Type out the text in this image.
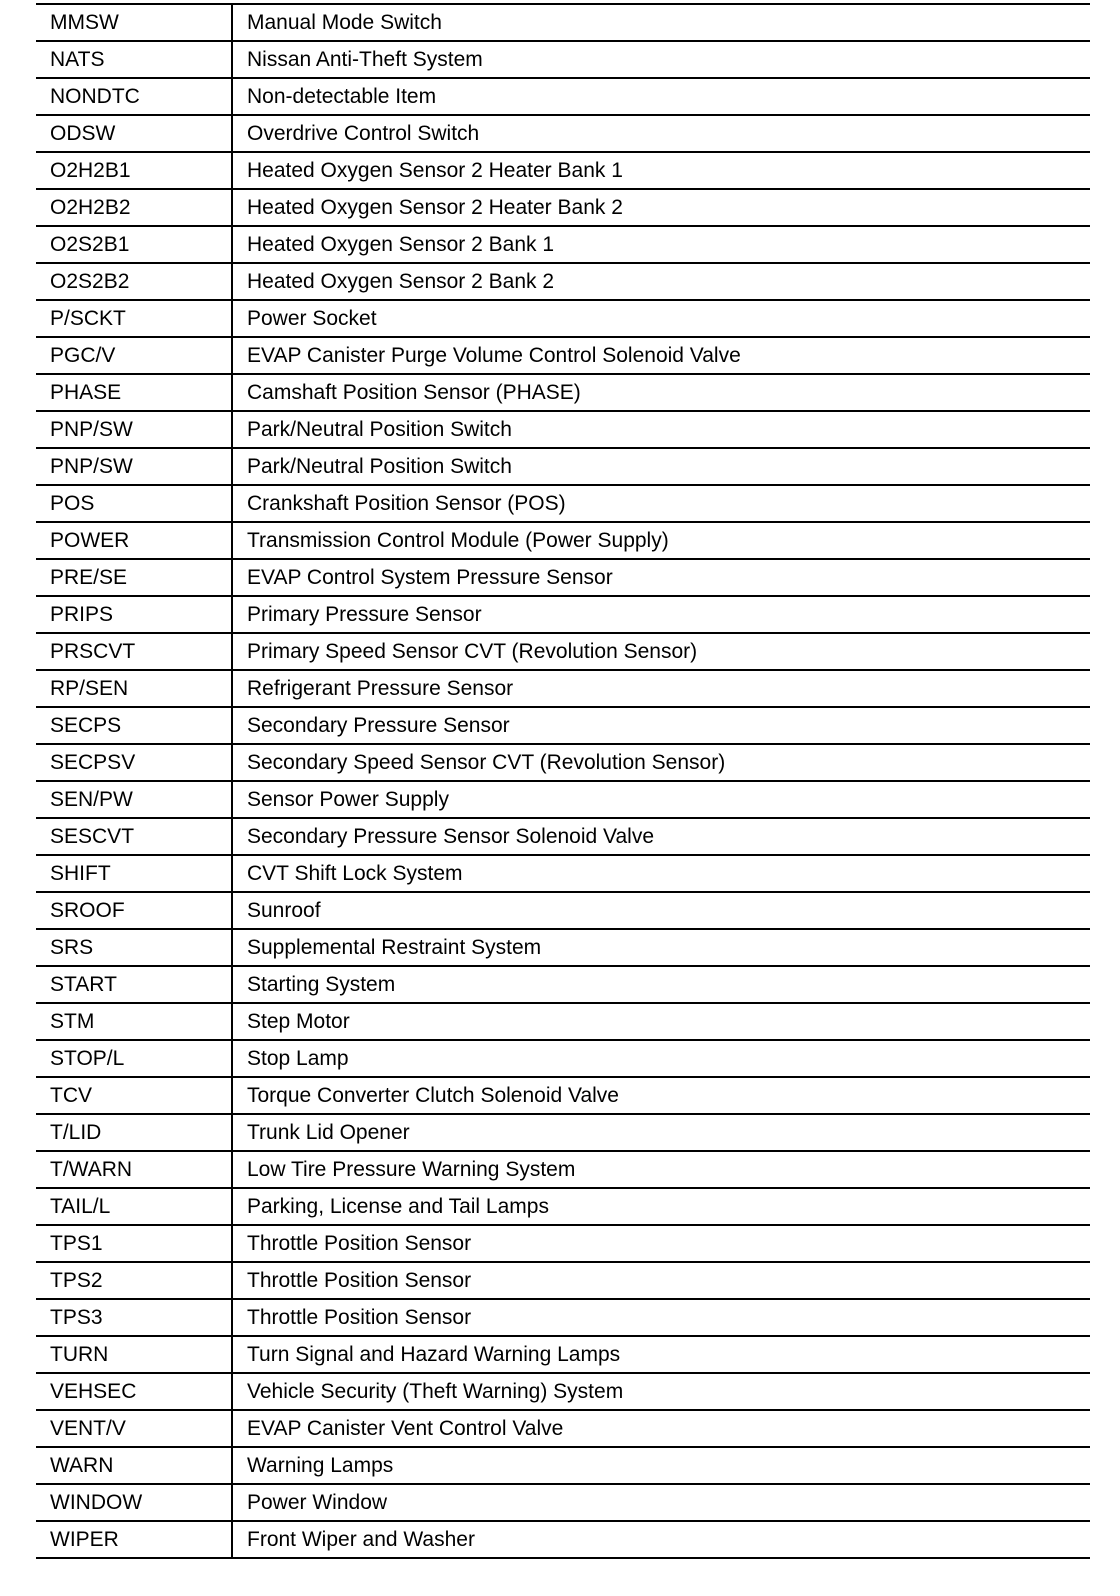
MMSW	Manual Mode Switch
NATS	Nissan Anti-Theft System
NONDTC	Non-detectable Item
ODSW	Overdrive Control Switch
O2H2B1	Heated Oxygen Sensor 2 Heater Bank 1
O2H2B2	Heated Oxygen Sensor 2 Heater Bank 2
O2S2B1	Heated Oxygen Sensor 2 Bank 1
O2S2B2	Heated Oxygen Sensor 2 Bank 2
P/SCKT	Power Socket
PGC/V	EVAP Canister Purge Volume Control Solenoid Valve
PHASE	Camshaft Position Sensor (PHASE)
PNP/SW	Park/Neutral Position Switch
PNP/SW	Park/Neutral Position Switch
POS	Crankshaft Position Sensor (POS)
POWER	Transmission Control Module (Power Supply)
PRE/SE	EVAP Control System Pressure Sensor
PRIPS	Primary Pressure Sensor
PRSCVT	Primary Speed Sensor CVT (Revolution Sensor)
RP/SEN	Refrigerant Pressure Sensor
SECPS	Secondary Pressure Sensor
SECPSV	Secondary Speed Sensor CVT (Revolution Sensor)
SEN/PW	Sensor Power Supply
SESCVT	Secondary Pressure Sensor Solenoid Valve
SHIFT	CVT Shift Lock System
SROOF	Sunroof
SRS	Supplemental Restraint System
START	Starting System
STM	Step Motor
STOP/L	Stop Lamp
TCV	Torque Converter Clutch Solenoid Valve
T/LID	Trunk Lid Opener
T/WARN	Low Tire Pressure Warning System
TAIL/L	Parking, License and Tail Lamps
TPS1	Throttle Position Sensor
TPS2	Throttle Position Sensor
TPS3	Throttle Position Sensor
TURN	Turn Signal and Hazard Warning Lamps
VEHSEC	Vehicle Security (Theft Warning) System
VENT/V	EVAP Canister Vent Control Valve
WARN	Warning Lamps
WINDOW	Power Window
WIPER	Front Wiper and Washer
